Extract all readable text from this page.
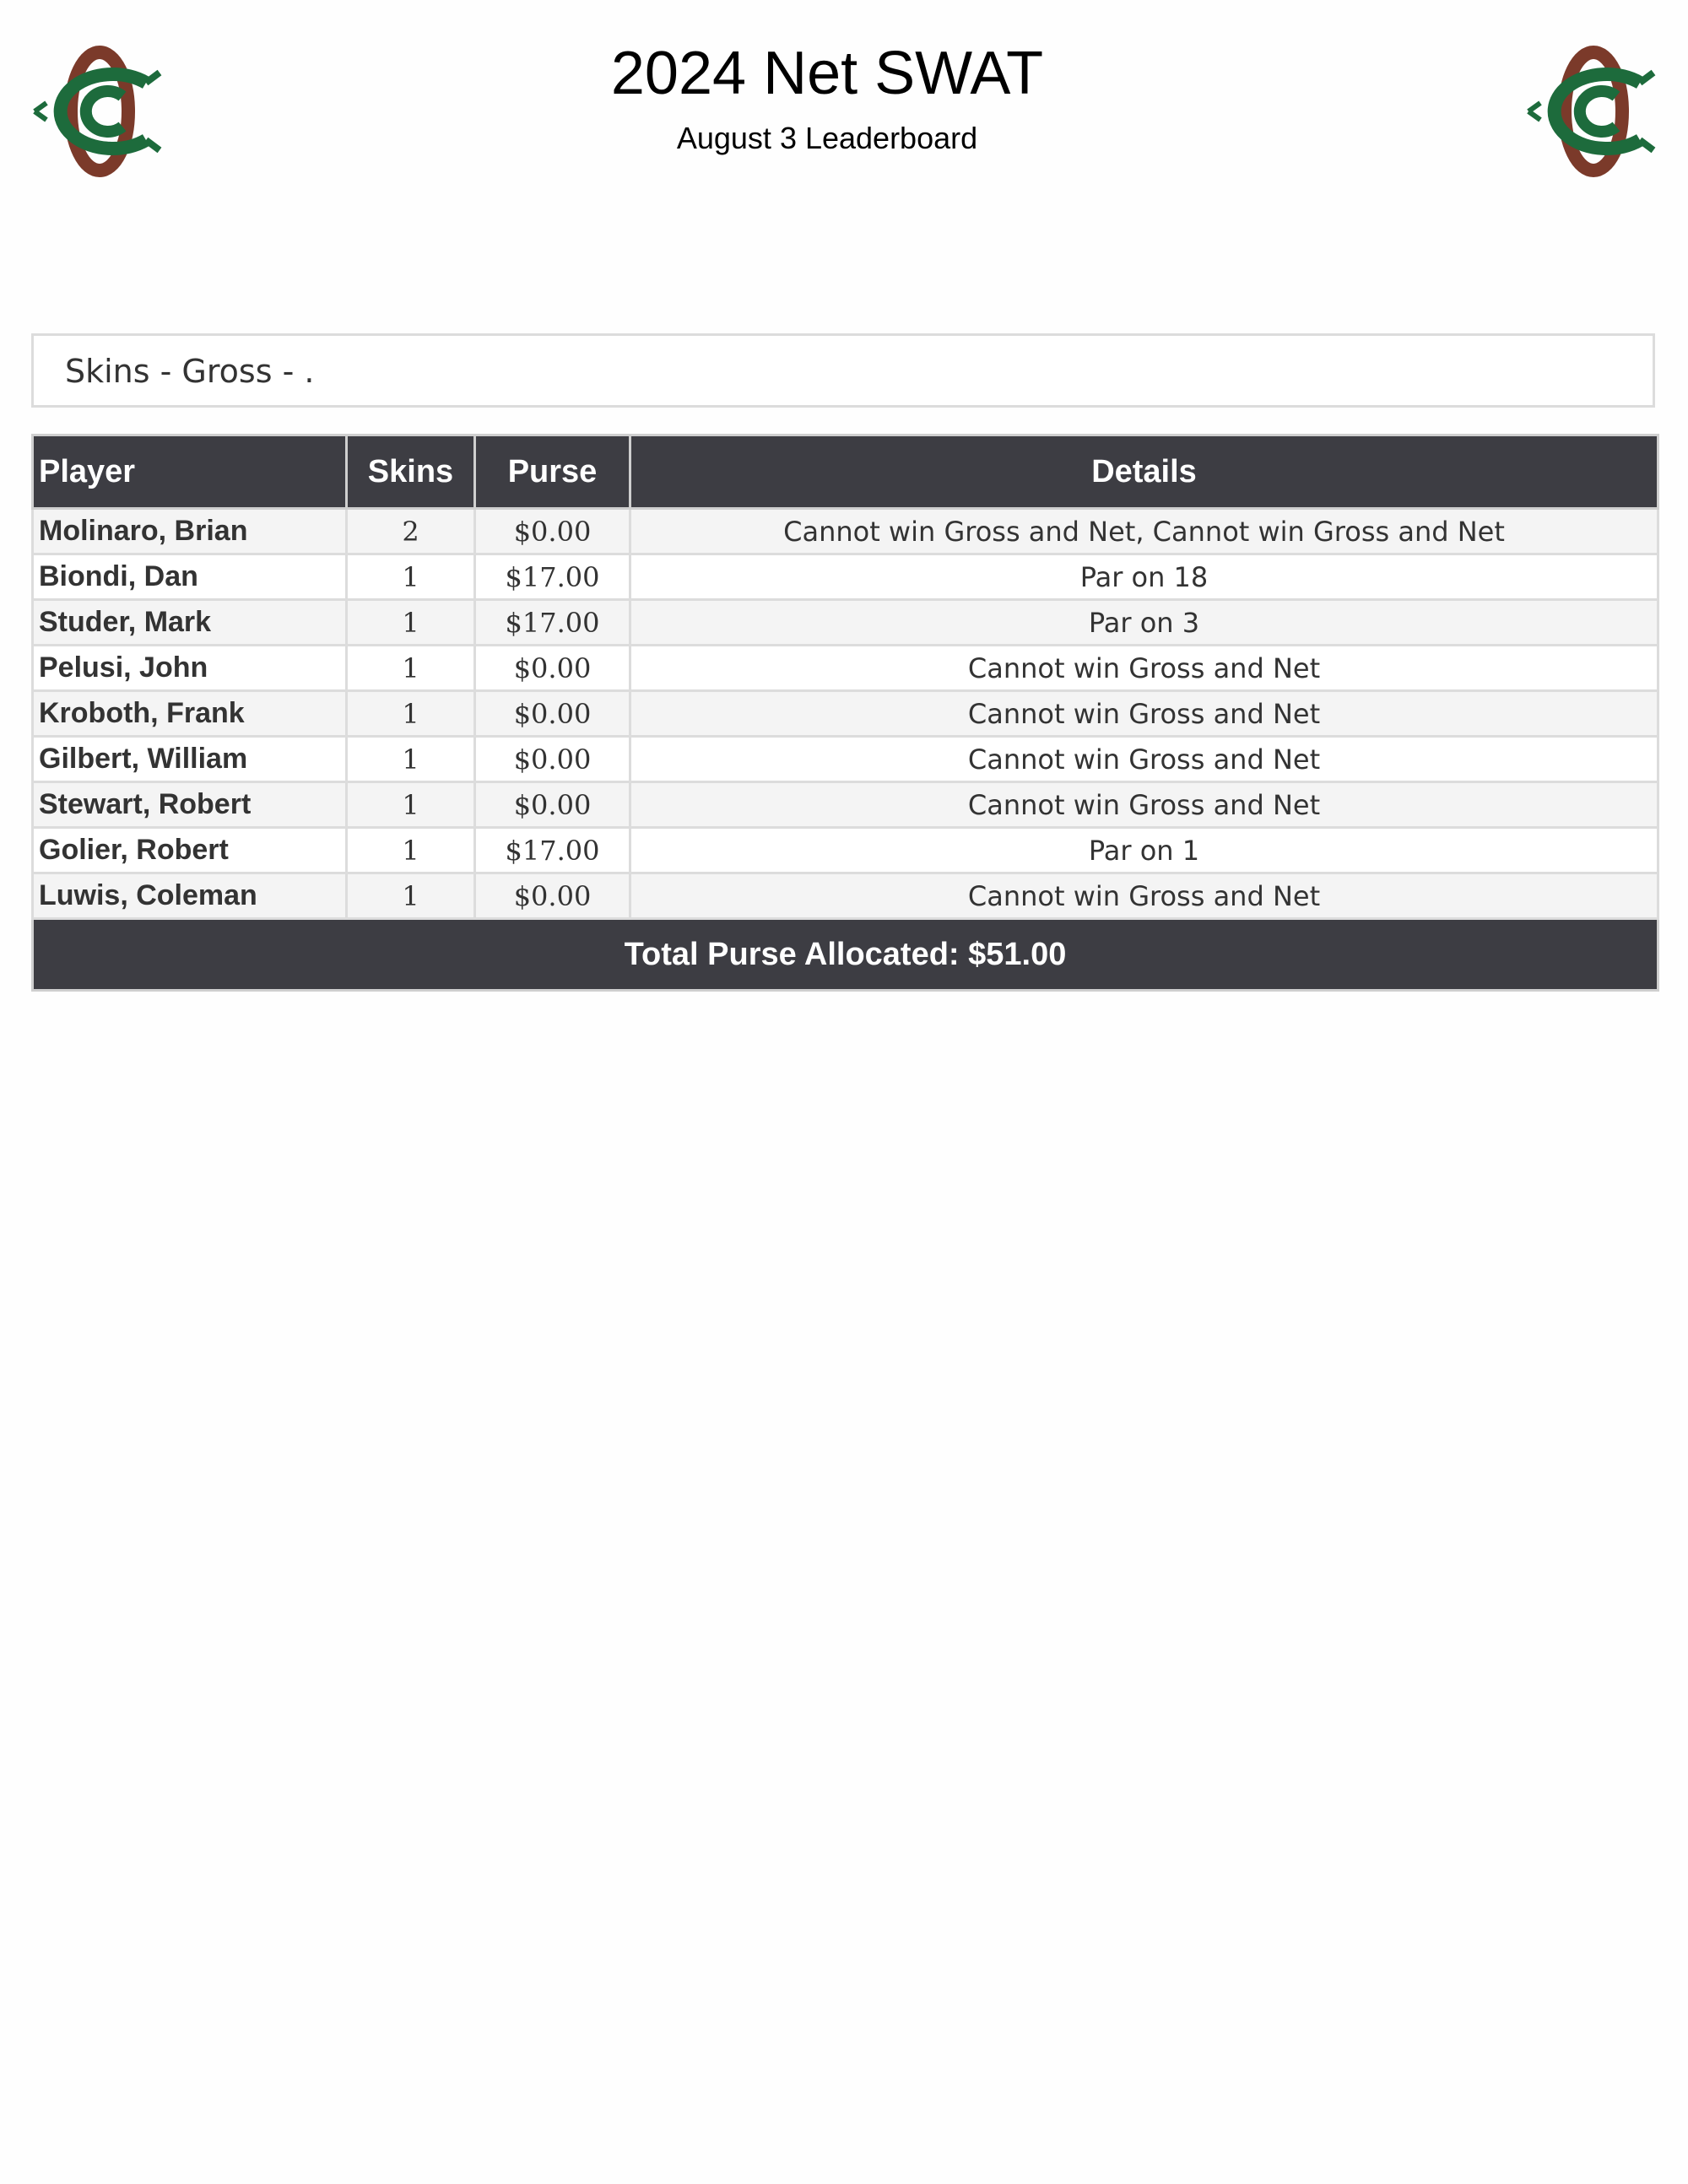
2024 Net SWAT
August 3 Leaderboard
Skins - Gross - .
Player	Skins	Purse	Details
Molinaro, Brian	2	$0.00	Cannot win Gross and Net, Cannot win Gross and Net
Biondi, Dan	1	$17.00	Par on 18
Studer, Mark	1	$17.00	Par on 3
Pelusi, John	1	$0.00	Cannot win Gross and Net
Kroboth, Frank	1	$0.00	Cannot win Gross and Net
Gilbert, William	1	$0.00	Cannot win Gross and Net
Stewart, Robert	1	$0.00	Cannot win Gross and Net
Golier, Robert	1	$17.00	Par on 1
Luwis, Coleman	1	$0.00	Cannot win Gross and Net
Total Purse Allocated: $51.00			
